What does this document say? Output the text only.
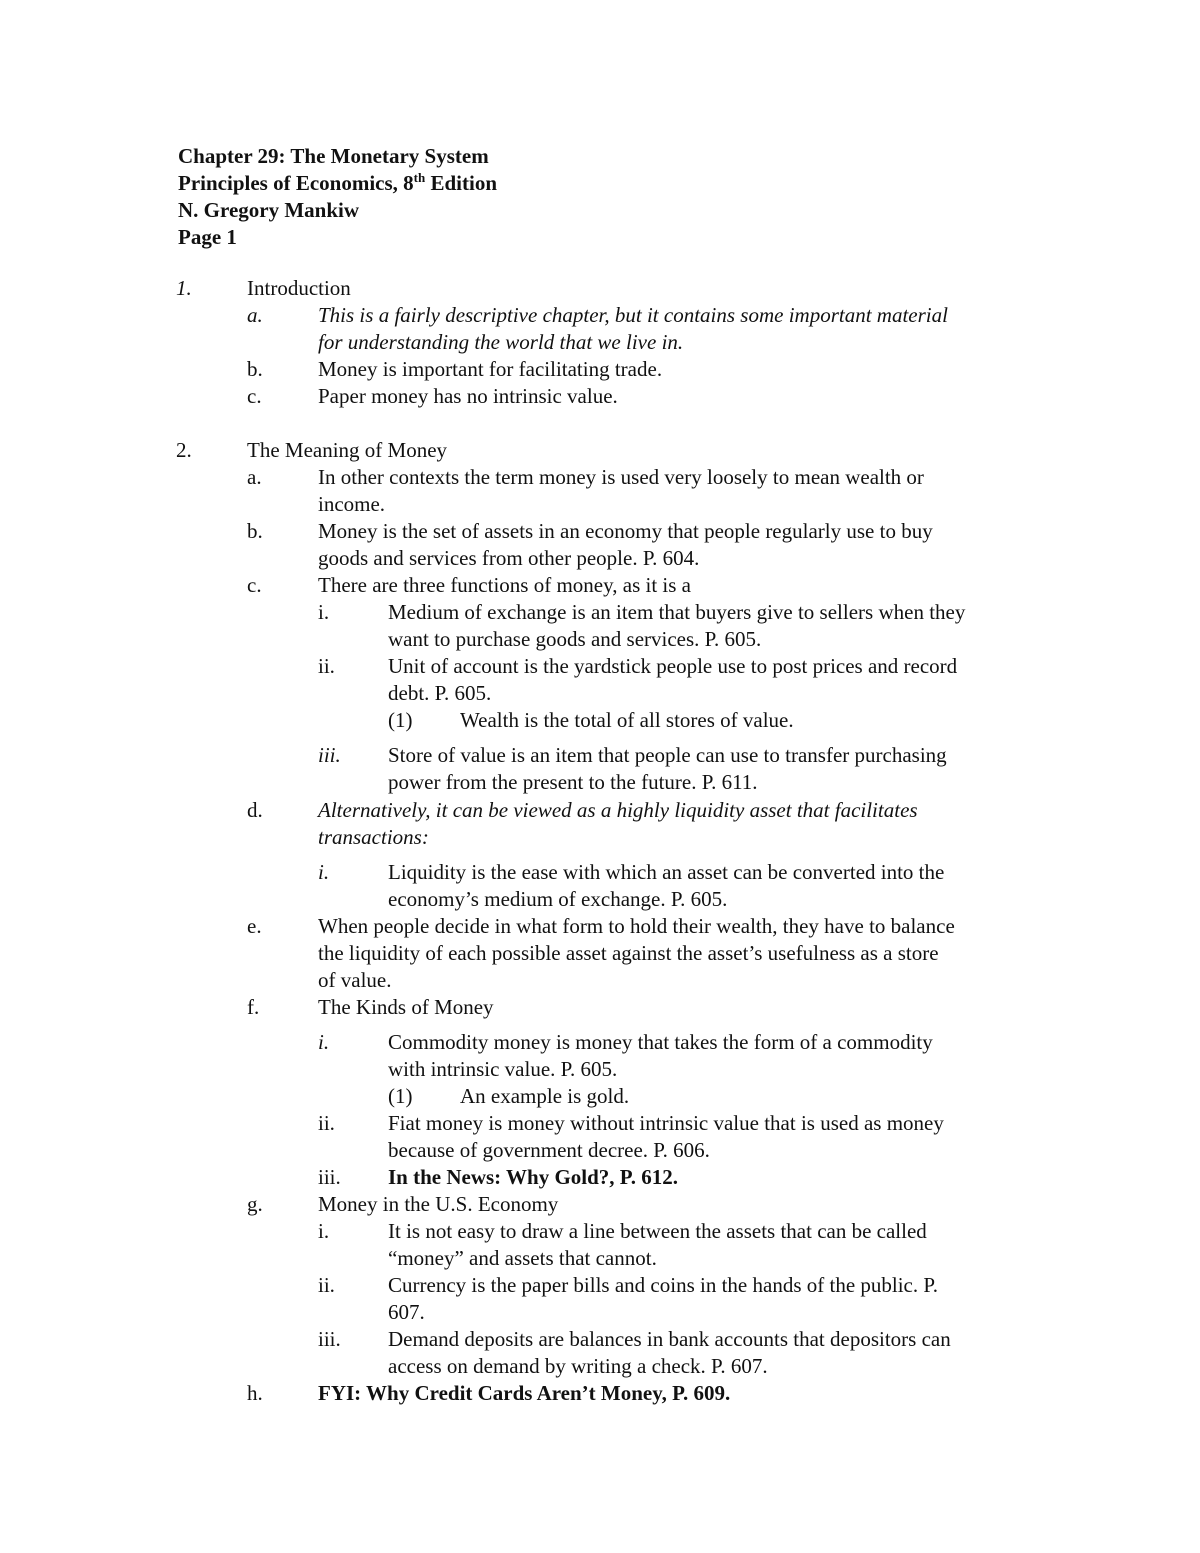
Chapter 29: The Monetary System
Principles of Economics, 8th Edition
N. Gregory Mankiw
Page 1
1.	Introduction
a.	This is a fairly descriptive chapter, but it contains some important material
for understanding the world that we live in.
b.	Money is important for facilitating trade.
c.	Paper money has no intrinsic value.
2.	The Meaning of Money
a.	In other contexts the term money is used very loosely to mean wealth or
income.
b.	Money is the set of assets in an economy that people regularly use to buy
goods and services from other people. P. 604.
c.	There are three functions of money, as it is a
i.	Medium of exchange is an item that buyers give to sellers when they
want to purchase goods and services. P. 605.
ii.	Unit of account is the yardstick people use to post prices and record
debt. P. 605.
(1) Wealth is the total of all stores of value.
iii. Store of value is an item that people can use to transfer purchasing
power from the present to the future. P. 611.
d.	Alternatively, it can be viewed as a highly liquidity asset that facilitates
transactions:
i.	Liquidity is the ease with which an asset can be converted into the
economy’s medium of exchange. P. 605.
e.	When people decide in what form to hold their wealth, they have to balance
the liquidity of each possible asset against the asset’s usefulness as a store
of value.
f.	The Kinds of Money
i.	Commodity money is money that takes the form of a commodity
with intrinsic value. P. 605.
(1) An example is gold.
ii.	Fiat money is money without intrinsic value that is used as money
because of government decree. P. 606.
iii. In the News: Why Gold?, P. 612.
g.	Money in the U.S. Economy
i.	It is not easy to draw a line between the assets that can be called
“money” and assets that cannot.
ii.	Currency is the paper bills and coins in the hands of the public. P.
607.
iii. Demand deposits are balances in bank accounts that depositors can
access on demand by writing a check. P. 607.
h.	FYI: Why Credit Cards Aren’t Money, P. 609.
